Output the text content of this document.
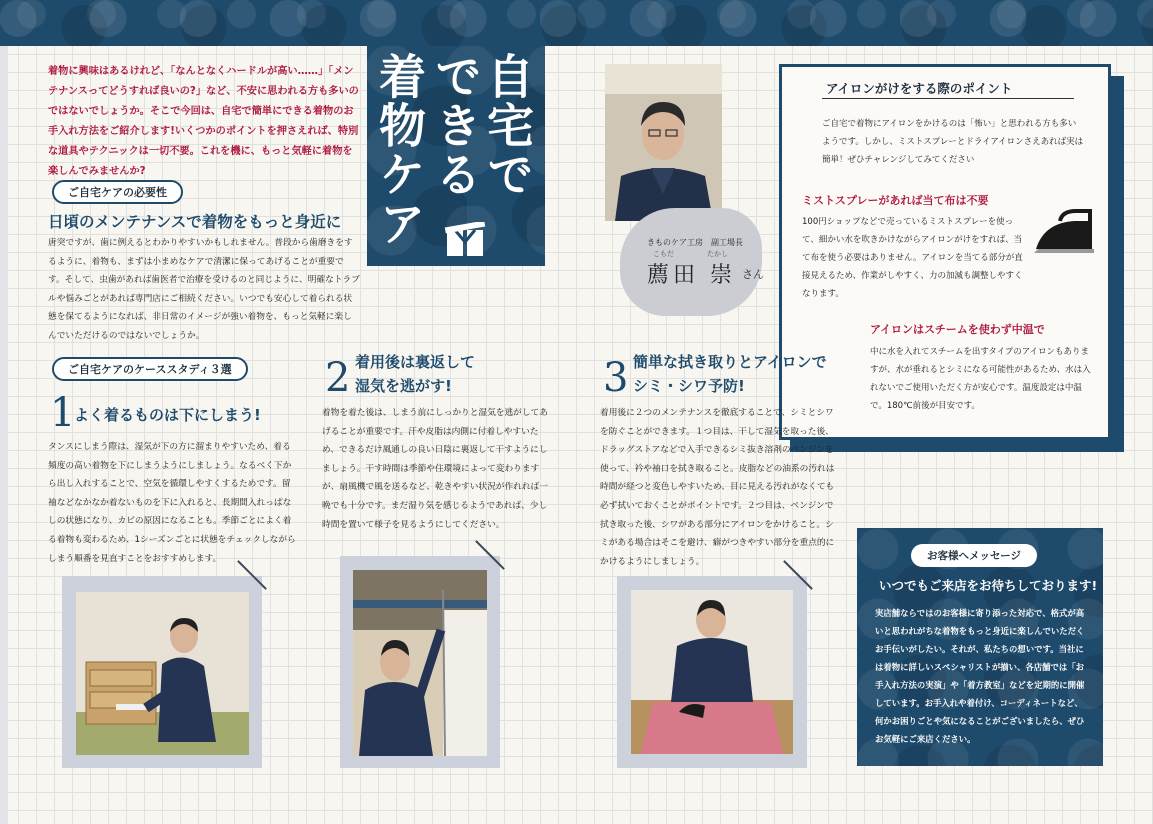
着物に興味はあるけれど、「なんとなくハードルが高い……」「メンテナンスってどうすれば良いの?」など、不安に思われる方も多いのではないでしょうか。そこで今回は、自宅で簡単にできる着物のお手入れ方法をご紹介します!いくつかのポイントを押さえれば、特別な道具やテクニックは一切不要。これを機に、もっと気軽に着物を楽しんでみませんか?

ご自宅ケアの必要性
日頃のメンテナンスで着物をもっと身近に

唐突ですが、歯に例えるとわかりやすいかもしれません。普段から歯磨きをするように、着物も、まずは小まめなケアで清潔に保ってあげることが重要です。そして、虫歯があれば歯医者で治療を受けるのと同じように、明確なトラブルや悩みごとがあれば専門店にご相続ください。いつでも安心して着られる状態を保てるようになれば、非日常のイメージが強い着物を、もっと気軽に楽しんでいただけるのではないでしょうか。

自宅で
できる
着物ケア	きものケア工房　副工場長
こもだ	たかし
薦田 崇 さん
アイロンがけをする際のポイント

ご自宅で着物にアイロンをかけるのは「怖い」と思われる方も多いようです。しかし、ミストスプレーとドライアイロンさえあれば実は簡単！ぜひチャレンジしてみてください

ミストスプレーがあれば当て布は不要

100円ショップなどで売っているミストスプレーを使って、細かい水を吹きかけながらアイロンがけをすれば、当て布を使う必要はありません。アイロンを当てる部分が直接見えるため、作業がしやすく、力の加減も調整しやすくなります。

アイロンはスチームを使わず中温で

中に水を入れてスチームを出すタイプのアイロンもありますが、水が垂れるとシミになる可能性があるため、水は入れないでご使用いただく方が安心です。温度設定は中温で。180℃前後が目安です。

ご自宅ケアのケーススタディ３選
1
よく着るものは下にしまう!

タンスにしまう際は、湿気が下の方に溜まりやすいため、着る頻度の高い着物を下にしまうようにしましょう。なるべく下から出し入れすることで、空気を循環しやすくするためです。留袖などなかなか着ないものを下に入れると、長期間入れっぱなしの状態になり、カビの原因になることも。季節ごとによく着る着物も変わるため、1シーズンごとに状態をチェックしながらしまう順番を見直すことをおすすめします。

2 着用後は裏返して
湿気を逃がす!

着物を着た後は、しまう前にしっかりと湿気を逃がしてあげることが重要です。汗や皮脂は内側に付着しやすいため、できるだけ風通しの良い日陰に裏返して干すようにしましょう。干す時間は季節や住環境によって変わりますが、扇風機で風を送るなど、乾きやすい状況が作れれば一晩でも十分です。まだ湿り気を感じるようであれば、少し時間を置いて様子を見るようにしてください。

3 簡単な拭き取りとアイロンで
シミ・シワ予防!

着用後に２つのメンテナンスを徹底することで、シミとシワを防ぐことができます。１つ目は、干して湿気を取った後、ドラッグストアなどで入手できるシミ抜き溶剤のベンジンを使って、衿や袖口を拭き取ること。皮脂などの油系の汚れは時間が経つと変色しやすいため、目に見える汚れがなくても必ず拭いておくことがポイントです。２つ目は、ベンジンで拭き取った後、シワがある部分にアイロンをかけること。シミがある場合はそこを避け、癖がつきやすい部分を重点的にかけるようにしましょう。	お客様へメッセージ
いつでもご来店をお待ちしております!

実店舗ならではのお客様に寄り添った対応で、格式が高いと思われがちな着物をもっと身近に楽しんでいただくお手伝いがしたい。それが、私たちの想いです。当社には着物に詳しいスペシャリストが揃い、各店舗では「お手入れ方法の実演」や「着方教室」などを定期的に開催しています。お手入れや着付け、コーディネートなど、何かお困りごとや気になることがございましたら、ぜひお気軽にご来店ください。
